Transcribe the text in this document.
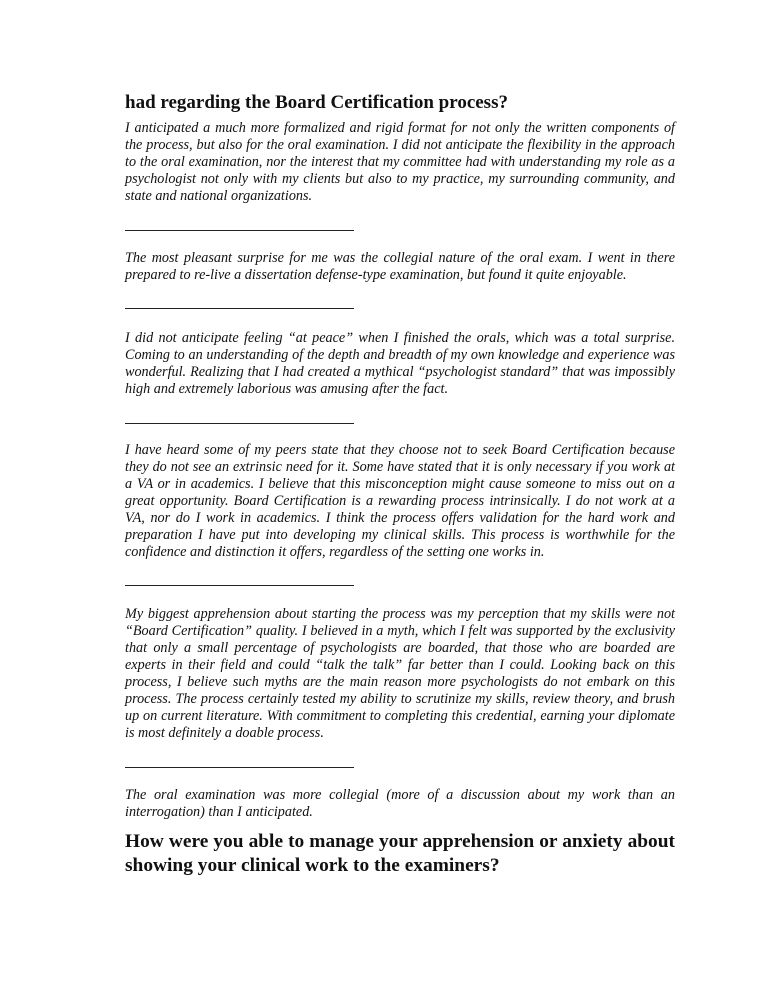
had regarding the Board Certification process?

I anticipated a much more formalized and rigid format for not only the written components of the process, but also for the oral examination. I did not anticipate the flexibility in the approach to the oral examination, nor the interest that my committee had with understanding my role as a psychologist not only with my clients but also to my practice, my surrounding community, and state and national organizations.

The most pleasant surprise for me was the collegial nature of the oral exam. I went in there prepared to re-live a dissertation defense-type examination, but found it quite enjoyable.

I did not anticipate feeling “at peace” when I finished the orals, which was a total surprise. Coming to an understanding of the depth and breadth of my own knowledge and experience was wonderful. Realizing that I had created a mythical “psychologist standard” that was impossibly high and extremely laborious was amusing after the fact.

I have heard some of my peers state that they choose not to seek Board Certification because they do not see an extrinsic need for it. Some have stated that it is only necessary if you work at a VA or in academics. I believe that this misconception might cause someone to miss out on a great opportunity. Board Certification is a rewarding process intrinsically. I do not work at a VA, nor do I work in academics. I think the process offers validation for the hard work and preparation I have put into developing my clinical skills. This process is worthwhile for the confidence and distinction it offers, regardless of the setting one works in.

My biggest apprehension about starting the process was my perception that my skills were not “Board Certification” quality. I believed in a myth, which I felt was supported by the exclusivity that only a small percentage of psychologists are boarded, that those who are boarded are experts in their field and could “talk the talk” far better than I could. Looking back on this process, I believe such myths are the main reason more psychologists do not embark on this process. The process certainly tested my ability to scrutinize my skills, review theory, and brush up on current literature. With commitment to completing this credential, earning your diplomate is most definitely a doable process.

The oral examination was more collegial (more of a discussion about my work than an interrogation) than I anticipated.

How were you able to manage your apprehension or anxiety about showing your clinical work to the examiners?
